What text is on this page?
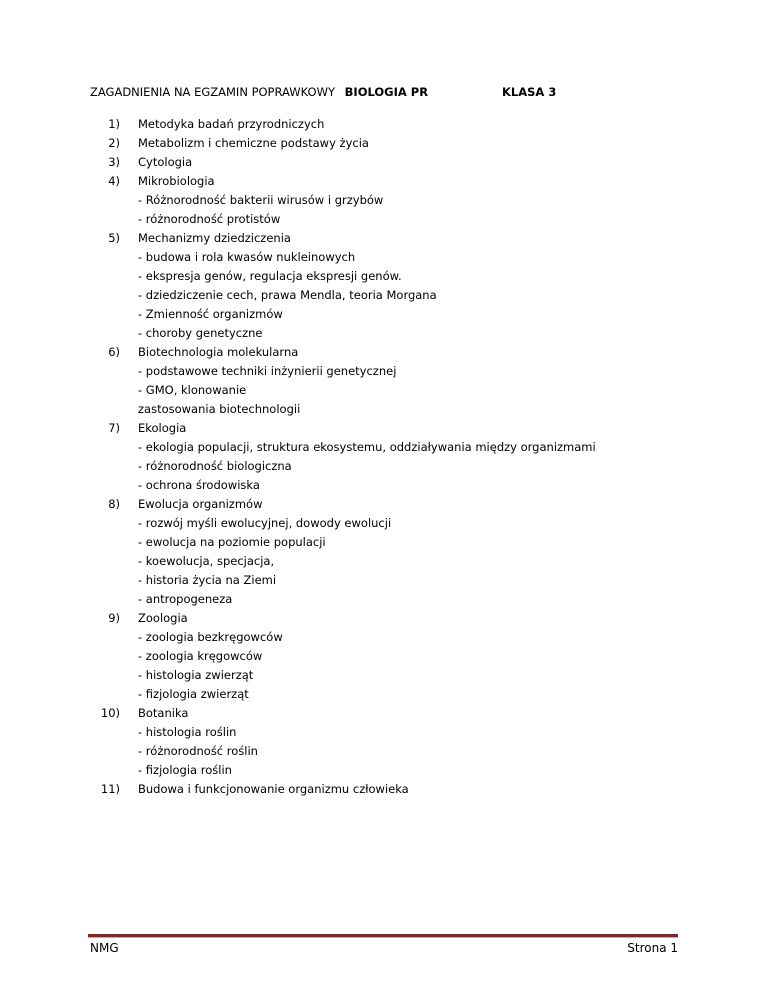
ZAGADNIENIA NA EGZAMIN POPRAWKOWY BIOLOGIA PR	KLASA 3
1) Metodyka badań przyrodniczych
2) Metabolizm i chemiczne podstawy życia
3) Cytologia
4) Mikrobiologia
- Różnorodność bakterii wirusów i grzybów
- różnorodność protistów
5) Mechanizmy dziedziczenia
- budowa i rola kwasów nukleinowych
- ekspresja genów, regulacja ekspresji genów.
- dziedziczenie cech, prawa Mendla, teoria Morgana
- Zmienność organizmów
- choroby genetyczne
6) Biotechnologia molekularna
- podstawowe techniki inżynierii genetycznej
- GMO, klonowanie
zastosowania biotechnologii
7) Ekologia
- ekologia populacji, struktura ekosystemu, oddziaływania między organizmami
- różnorodność biologiczna
- ochrona środowiska
8) Ewolucja organizmów
- rozwój myśli ewolucyjnej, dowody ewolucji
- ewolucja na poziomie populacji
- koewolucja, specjacja,
- historia życia na Ziemi
- antropogeneza
9) Zoologia
- zoologia bezkręgowców
- zoologia kręgowców
- histologia zwierząt
- fizjologia zwierząt
10) Botanika
- histologia roślin
- różnorodność roślin
- fizjologia roślin
11) Budowa i funkcjonowanie organizmu człowieka
NMG	Strona 1
